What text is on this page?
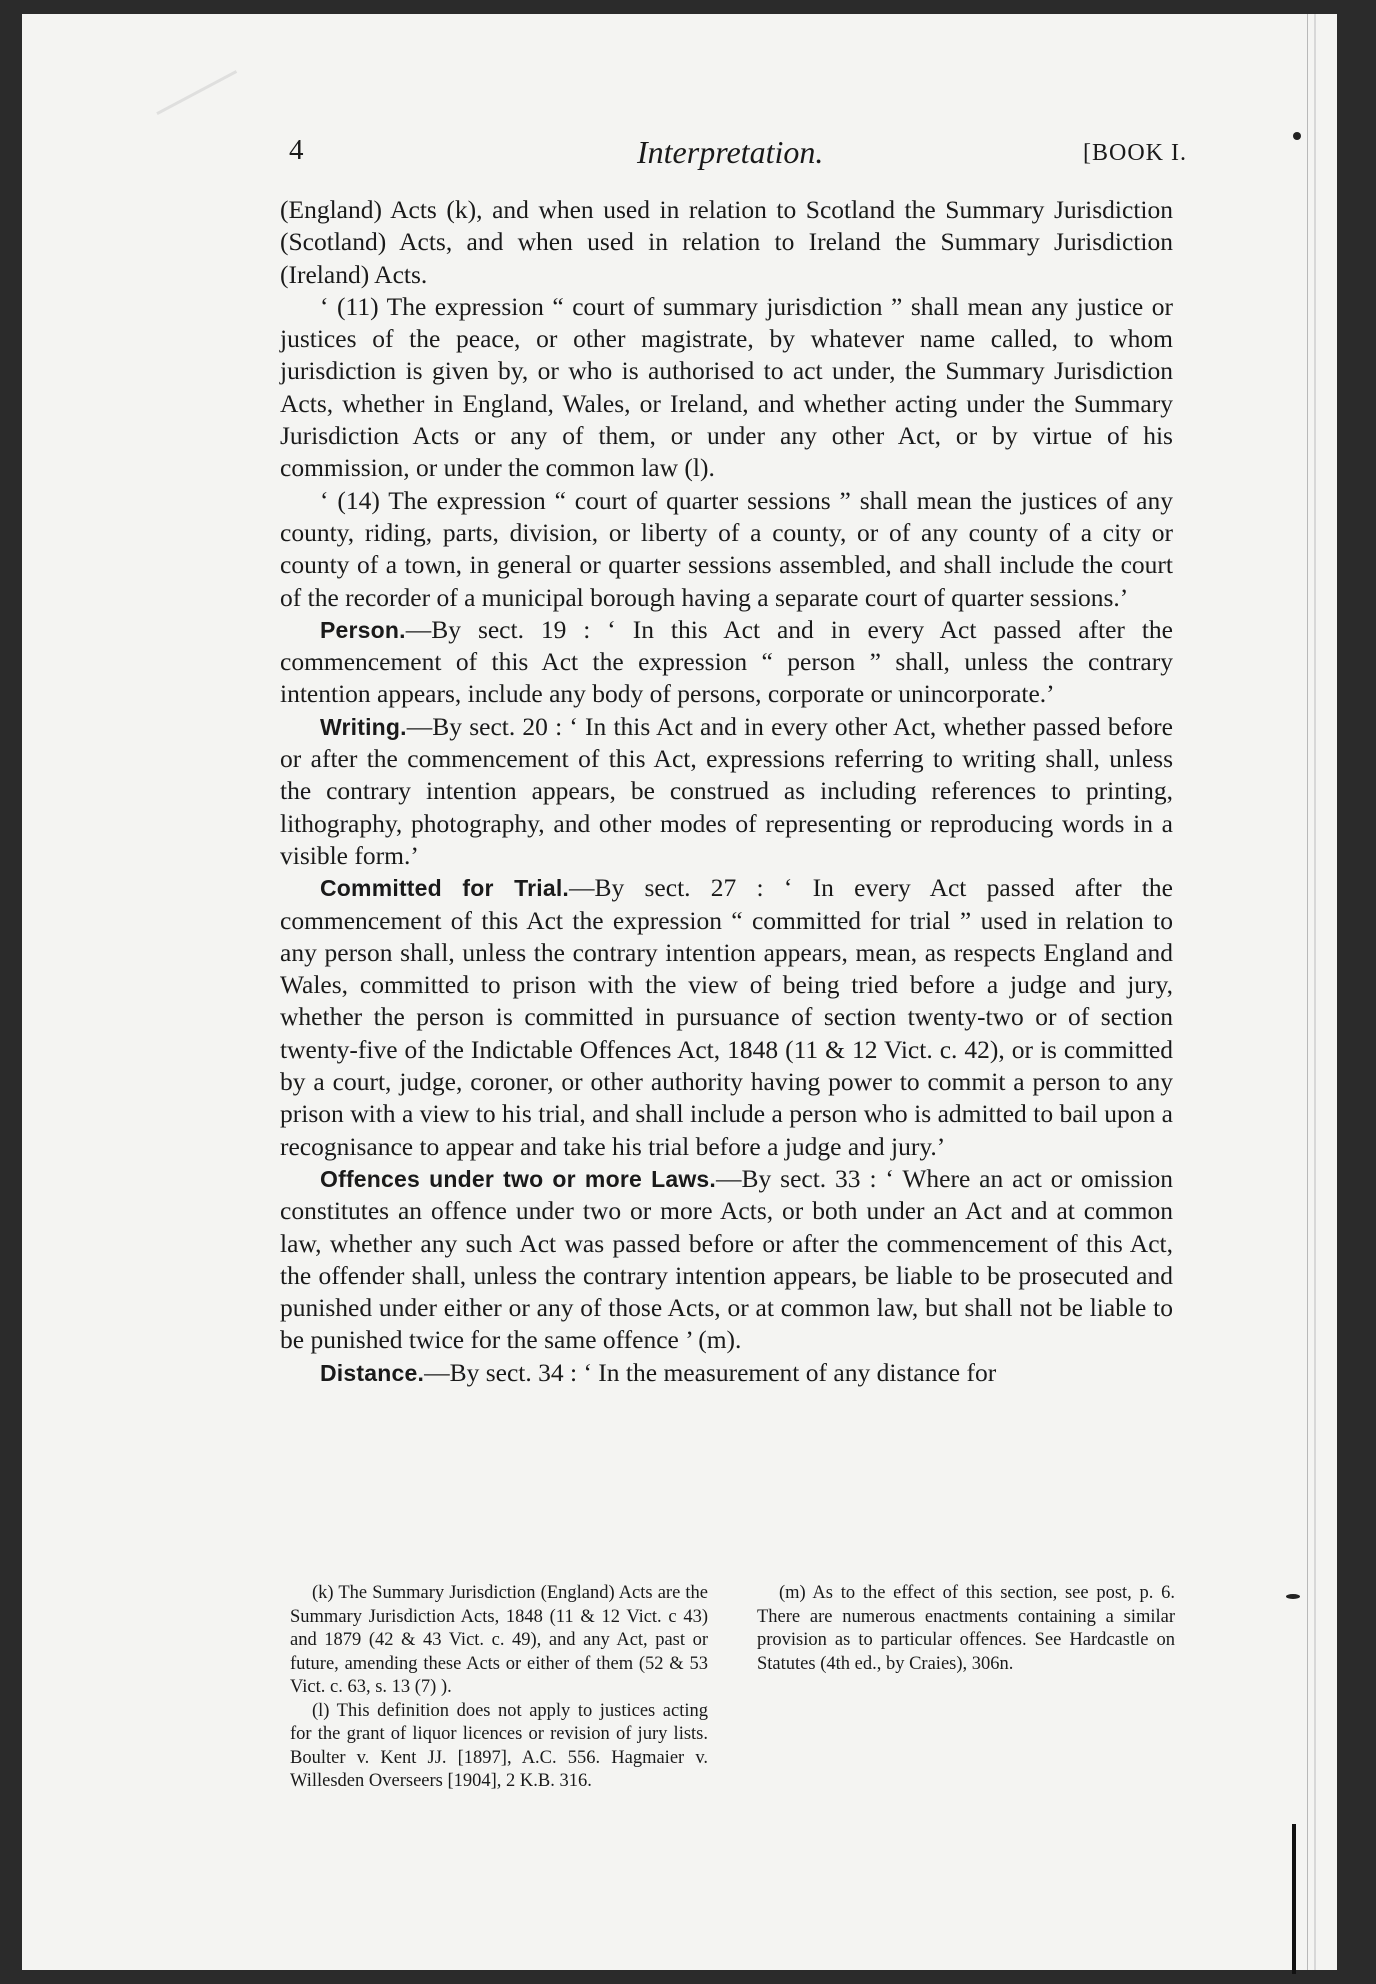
4	Interpretation.	[BOOK I.

(England) Acts (k), and when used in relation to Scotland the Summary Jurisdiction (Scotland) Acts, and when used in relation to Ireland the Summary Jurisdiction (Ireland) Acts.

‘ (11) The expression “ court of summary jurisdiction ” shall mean any justice or justices of the peace, or other magistrate, by whatever name called, to whom jurisdiction is given by, or who is authorised to act under, the Summary Jurisdiction Acts, whether in England, Wales, or Ireland, and whether acting under the Summary Jurisdiction Acts or any of them, or under any other Act, or by virtue of his commission, or under the common law (l).

‘ (14) The expression “ court of quarter sessions ” shall mean the justices of any county, riding, parts, division, or liberty of a county, or of any county of a city or county of a town, in general or quarter sessions assembled, and shall include the court of the recorder of a municipal borough having a separate court of quarter sessions.’

Person.—By sect. 19 : ‘ In this Act and in every Act passed after the commencement of this Act the expression “ person ” shall, unless the contrary intention appears, include any body of persons, corporate or unincorporate.’

Writing.—By sect. 20 : ‘ In this Act and in every other Act, whether passed before or after the commencement of this Act, expressions referring to writing shall, unless the contrary intention appears, be construed as including references to printing, lithography, photography, and other modes of representing or reproducing words in a visible form.’

Committed for Trial.—By sect. 27 : ‘ In every Act passed after the commencement of this Act the expression “ committed for trial ” used in relation to any person shall, unless the contrary intention appears, mean, as respects England and Wales, committed to prison with the view of being tried before a judge and jury, whether the person is committed in pursuance of section twenty-two or of section twenty-five of the Indictable Offences Act, 1848 (11 & 12 Vict. c. 42), or is committed by a court, judge, coroner, or other authority having power to commit a person to any prison with a view to his trial, and shall include a person who is admitted to bail upon a recognisance to appear and take his trial before a judge and jury.’

Offences under two or more Laws.—By sect. 33 : ‘ Where an act or omission constitutes an offence under two or more Acts, or both under an Act and at common law, whether any such Act was passed before or after the commencement of this Act, the offender shall, unless the contrary intention appears, be liable to be prosecuted and punished under either or any of those Acts, or at common law, but shall not be liable to be punished twice for the same offence ’ (m).

Distance.—By sect. 34 : ‘ In the measurement of any distance for

(k) The Summary Jurisdiction (England) Acts are the Summary Jurisdiction Acts, 1848 (11 & 12 Vict. c 43) and 1879 (42 & 43 Vict. c. 49), and any Act, past or future, amending these Acts or either of them (52 & 53 Vict. c. 63, s. 13 (7) ).

(l) This definition does not apply to justices acting for the grant of liquor licences or revision of jury lists. Boulter v. Kent JJ. [1897], A.C. 556. Hagmaier v. Willesden Overseers [1904], 2 K.B. 316.

(m) As to the effect of this section, see post, p. 6. There are numerous enactments containing a similar provision as to particular offences. See Hardcastle on Statutes (4th ed., by Craies), 306n.
